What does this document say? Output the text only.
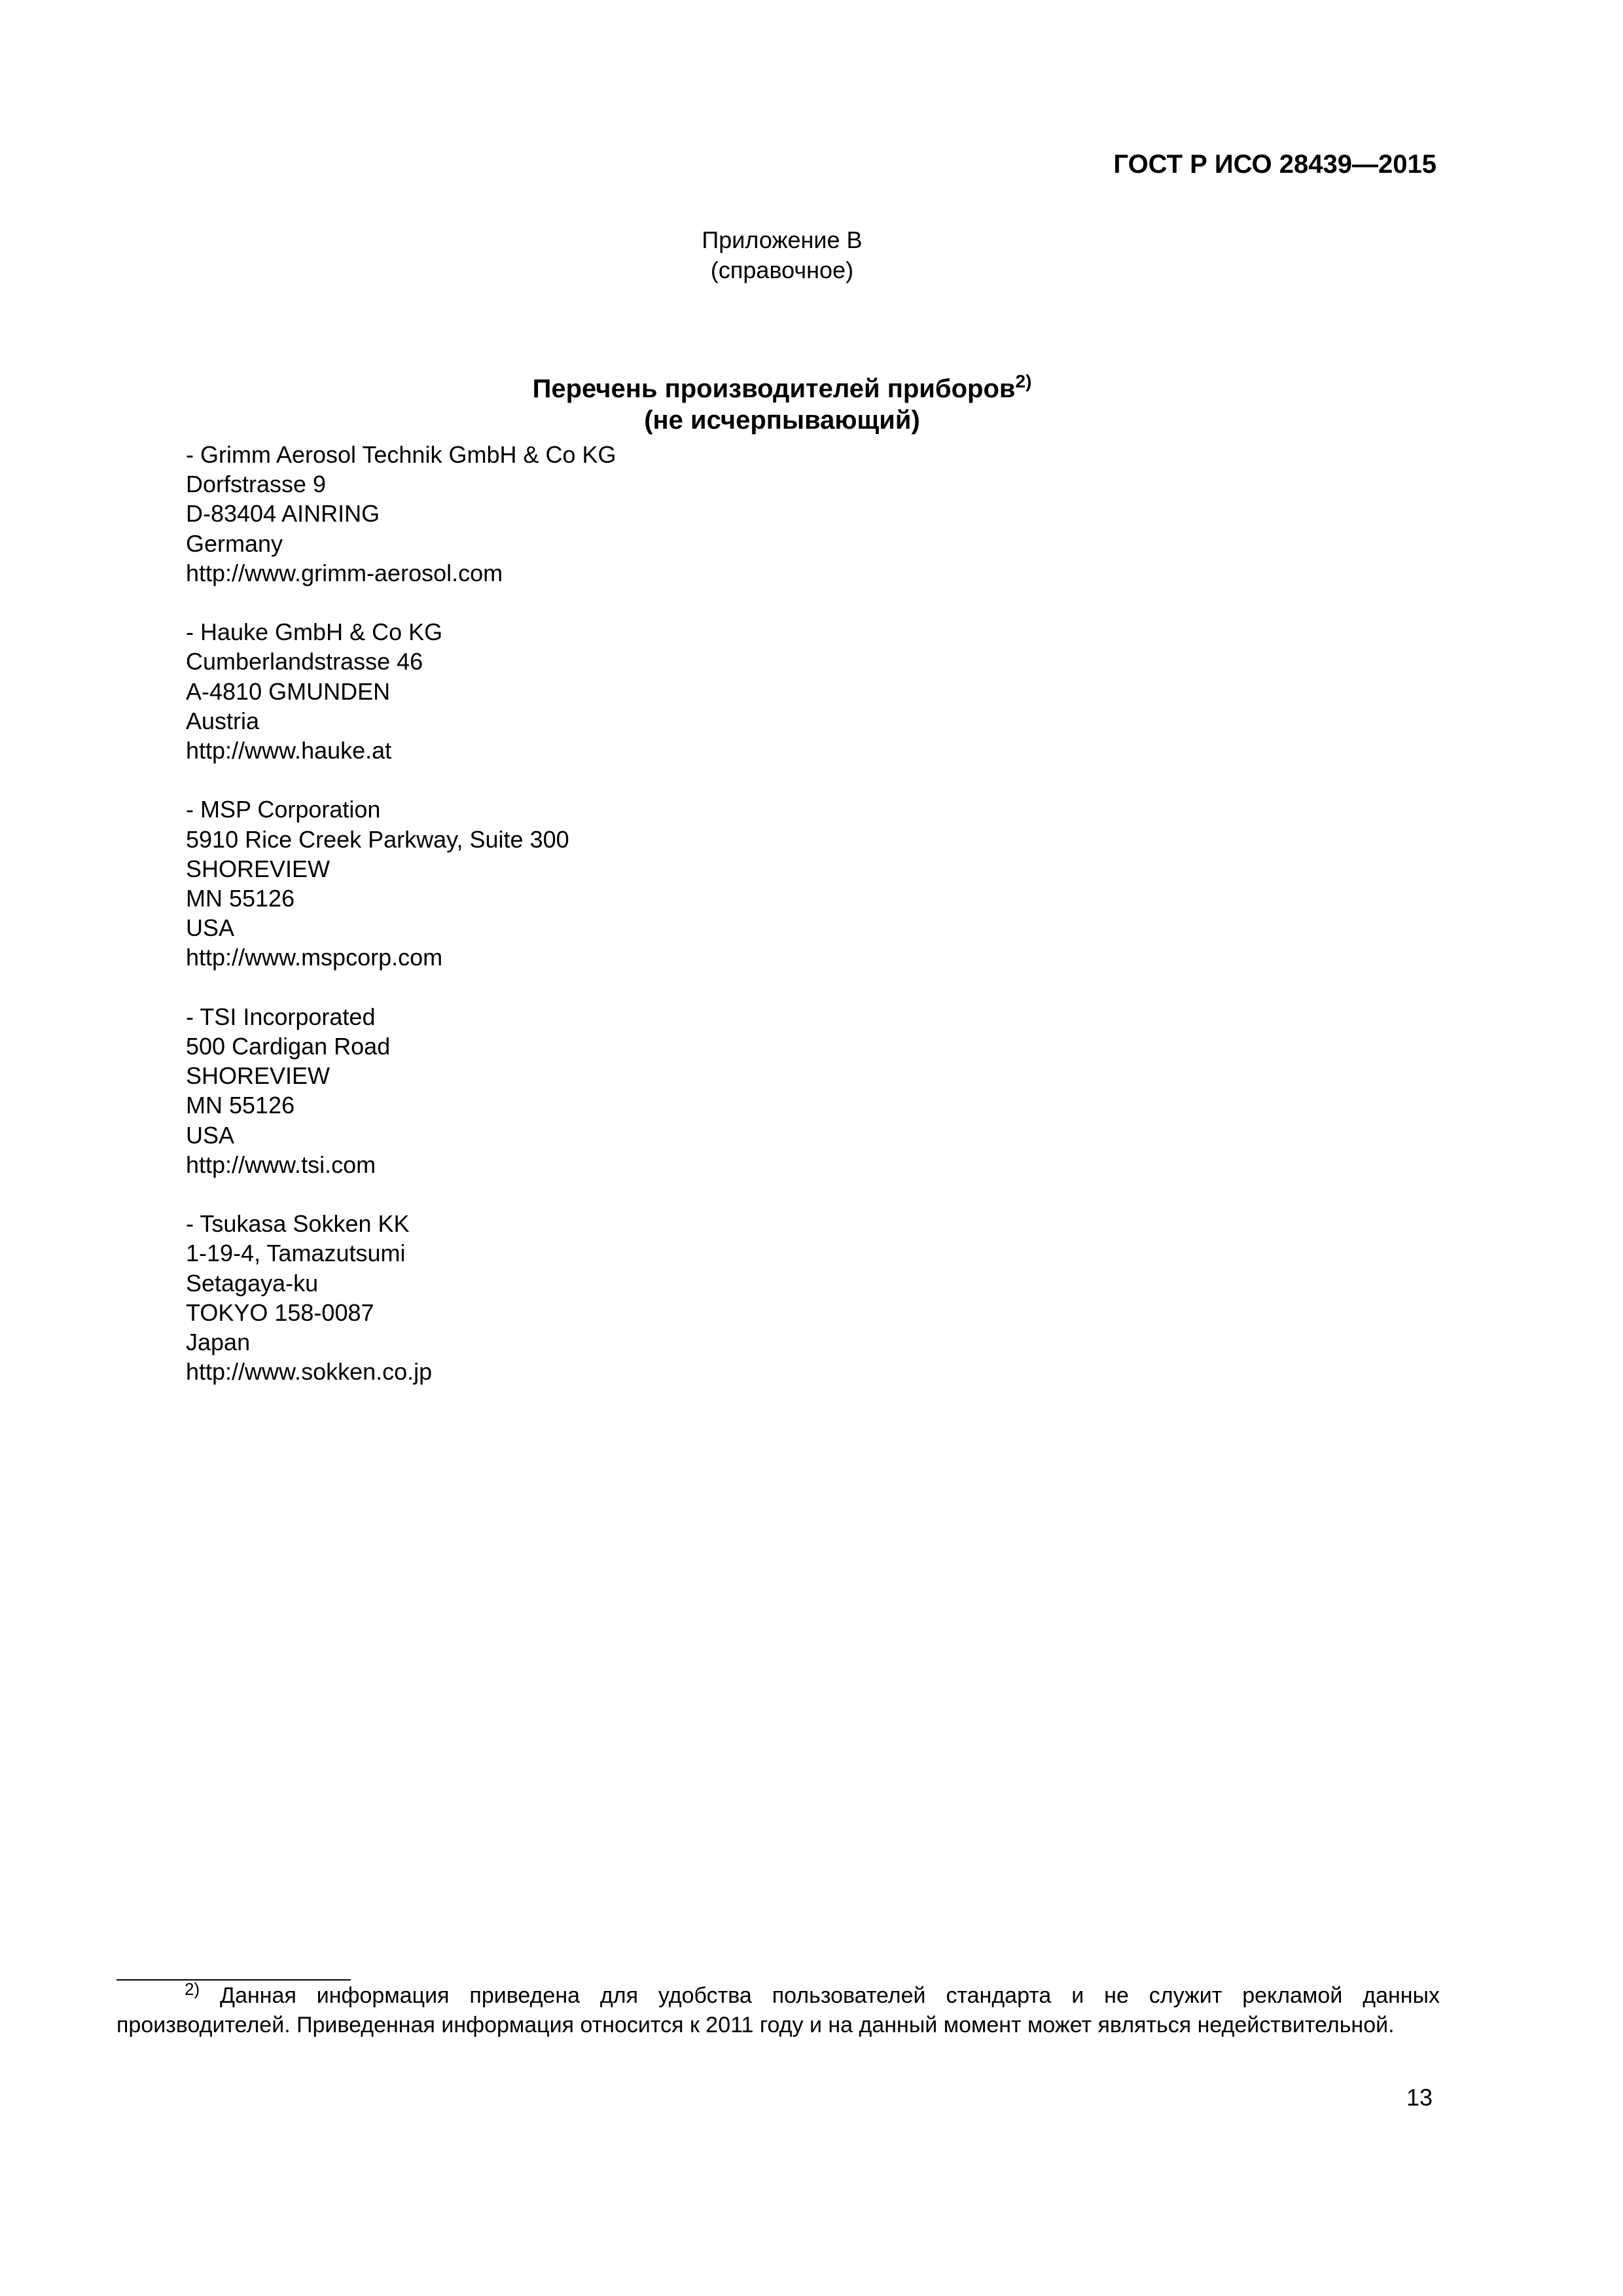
ГОСТ Р ИСО 28439—2015
Приложение В
(справочное)
Перечень производителей приборов$^{2)}$
(не исчерпывающий)
- Grimm Aerosol Technik GmbH & Co KG
Dorfstrasse 9
D-83404 AINRING
Germany
http://www.grimm-aerosol.com
- Hauke GmbH & Co KG
Cumberlandstrasse 46
A-4810 GMUNDEN
Austria
http://www.hauke.at
- MSP Corporation
5910 Rice Creek Parkway, Suite 300
SHOREVIEW
MN 55126
USA
http://www.mspcorp.com
- TSI Incorporated
500 Cardigan Road
SHOREVIEW
MN 55126
USA
http://www.tsi.com
- Tsukasa Sokken KK
1-19-4, Tamazutsumi
Setagaya-ku
TOKYO 158-0087
Japan
http://www.sokken.co.jp
$^{2)}$ Данная информация приведена для удобства пользователей стандарта и не служит рекламой данных производителей. Приведенная информация относится к 2011 году и на данный момент может являться недействительной.
13
